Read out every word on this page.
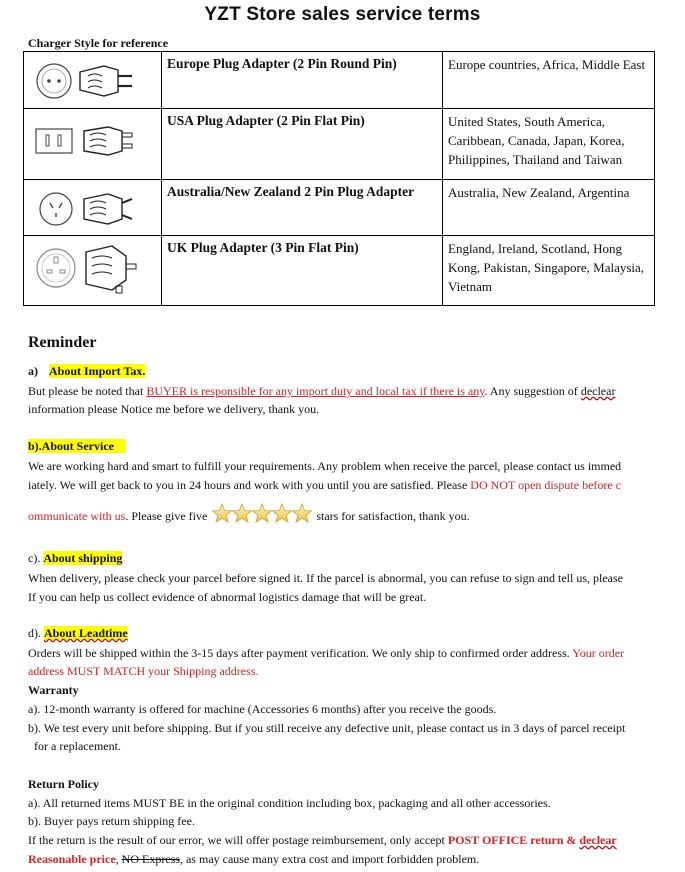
YZT Store sales service terms
Charger Style for reference
	Europe Plug Adapter (2 Pin Round Pin)	Europe countries, Africa, Middle East

	USA Plug Adapter (2 Pin Flat Pin)	United States, South America, Caribbean, Canada, Japan, Korea, Philippines, Thailand and Taiwan

	Australia/New Zealand 2 Pin Plug Adapter	Australia, New Zealand, Argentina

	UK Plug Adapter (3 Pin Flat Pin)	England, Ireland, Scotland, Hong Kong, Pakistan, Singapore, Malaysia, Vietnam
Reminder
a) About Import Tax.
But please be noted that BUYER is responsible for any import duty and local tax if there is any. Any suggestion of declear
information please Notice me before we delivery, thank you.
b).About Service
We are working hard and smart to fulfill your requirements. Any problem when receive the parcel, please contact us immed
iately. We will get back to you in 24 hours and work with you until you are satisfied. Please DO NOT open dispute before c
ommunicate with us. Please give five	stars for satisfaction, thank you.
c). About shipping
When delivery, please check your parcel before signed it. If the parcel is abnormal, you can refuse to sign and tell us, please
If you can help us collect evidence of abnormal logistics damage that will be great.
d). About Leadtime
Orders will be shipped within the 3-15 days after payment verification. We only ship to confirmed order address. Your order
address MUST MATCH your Shipping address.
Warranty
a). 12-month warranty is offered for machine (Accessories 6 months) after you receive the goods.
b). We test every unit before shipping. But if you still receive any defective unit, please contact us in 3 days of parcel receipt
for a replacement.
Return Policy
a). All returned items MUST BE in the original condition including box, packaging and all other accessories.
b). Buyer pays return shipping fee.
If the return is the result of our error, we will offer postage reimbursement, only accept POST OFFICE return & declear
Reasonable price, NO Express, as may cause many extra cost and import forbidden problem.
